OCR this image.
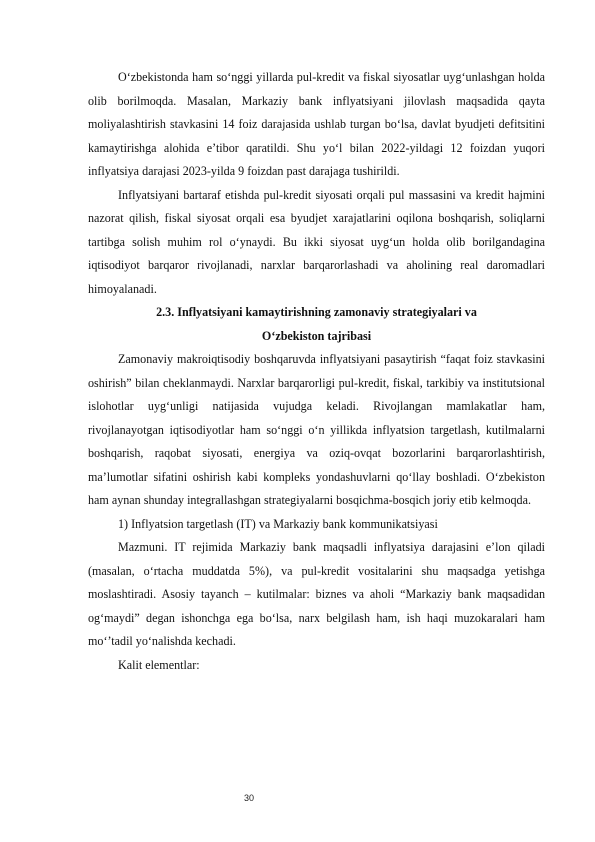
O‘zbekistonda ham so‘nggi yillarda pul-kredit va fiskal siyosatlar uyg‘unlashgan holda olib borilmoqda. Masalan, Markaziy bank inflyatsiyani jilovlash maqsadida qayta moliyalashtirish stavkasini 14 foiz darajasida ushlab turgan bo‘lsa, davlat byudjeti defitsitini kamaytirishga alohida e’tibor qaratildi. Shu yo‘l bilan 2022-yildagi 12 foizdan yuqori inflyatsiya darajasi 2023-yilda 9 foizdan past darajaga tushirildi.

Inflyatsiyani bartaraf etishda pul-kredit siyosati orqali pul massasini va kredit hajmini nazorat qilish, fiskal siyosat orqali esa byudjet xarajatlarini oqilona boshqarish, soliqlarni tartibga solish muhim rol o‘ynaydi. Bu ikki siyosat uyg‘un holda olib borilgandagina iqtisodiyot barqaror rivojlanadi, narxlar barqarorlashadi va aholining real daromadlari himoyalanadi.

2.3. Inflyatsiyani kamaytirishning zamonaviy strategiyalari va

O‘zbekiston tajribasi

Zamonaviy makroiqtisodiy boshqaruvda inflyatsiyani pasaytirish “faqat foiz stavkasini oshirish” bilan cheklanmaydi. Narxlar barqarorligi pul-kredit, fiskal, tarkibiy va institutsional islohotlar uyg‘unligi natijasida vujudga keladi. Rivojlangan mamlakatlar ham, rivojlanayotgan iqtisodiyotlar ham so‘nggi o‘n yillikda inflyatsion targetlash, kutilmalarni boshqarish, raqobat siyosati, energiya va oziq-ovqat bozorlarini barqarorlashtirish, ma’lumotlar sifatini oshirish kabi kompleks yondashuvlarni qo‘llay boshladi. O‘zbekiston ham aynan shunday integrallashgan strategiyalarni bosqichma-bosqich joriy etib kelmoqda.

1) Inflyatsion targetlash (IT) va Markaziy bank kommunikatsiyasi

Mazmuni. IT rejimida Markaziy bank maqsadli inflyatsiya darajasini e’lon qiladi (masalan, o‘rtacha muddatda 5%), va pul-kredit vositalarini shu maqsadga yetishga moslashtiradi. Asosiy tayanch – kutilmalar: biznes va aholi “Markaziy bank maqsadidan og‘maydi” degan ishonchga ega bo‘lsa, narx belgilash ham, ish haqi muzokaralari ham mo‘’tadil yo‘nalishda kechadi.

Kalit elementlar:

30
